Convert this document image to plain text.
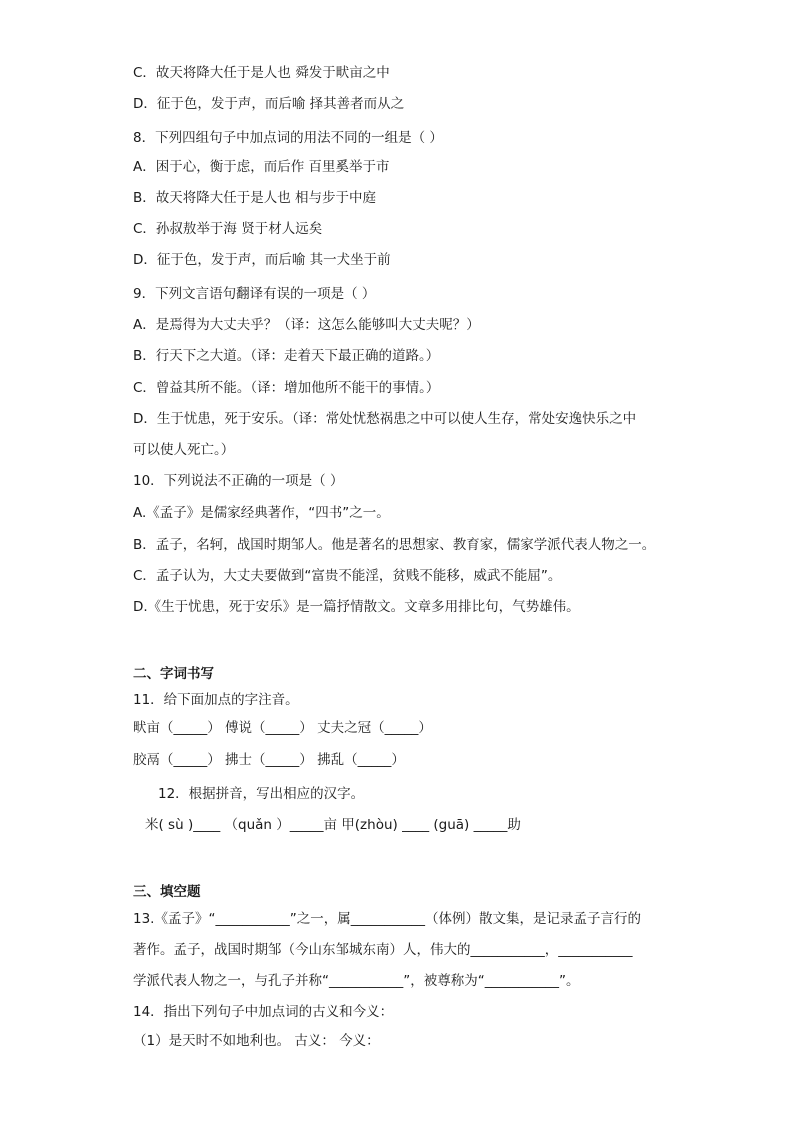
C．故天将降大任于是人也 舜发于畎亩之中
D．征于色，发于声，而后喻 择其善者而从之
8．下列四组句子中加点词的用法不同的一组是（ ）
A．困于心，衡于虑，而后作 百里奚举于市
B．故天将降大任于是人也 相与步于中庭
C．孙叔敖举于海 贤于材人远矣
D．征于色，发于声，而后喻 其一犬坐于前
9．下列文言语句翻译有误的一项是（ ）
A．是焉得为大丈夫乎？（译：这怎么能够叫大丈夫呢？）
B．行天下之大道。（译：走着天下最正确的道路。）
C．曾益其所不能。（译：增加他所不能干的事情。）
D．生于忧患，死于安乐。（译：常处忧愁祸患之中可以使人生存，常处安逸快乐之中
可以使人死亡。）
10．下列说法不正确的一项是（ ）
A.《孟子》是儒家经典著作，“四书”之一。
B．孟子，名轲，战国时期邹人。他是著名的思想家、教育家，儒家学派代表人物之一。
C．孟子认为，大丈夫要做到“富贵不能淫，贫贱不能移，威武不能屈”。
D.《生于忧患，死于安乐》是一篇抒情散文。文章多用排比句，气势雄伟。
二、字词书写
11．给下面加点的字注音。
畎亩（_____） 傅说（_____） 丈夫之冠（_____）
胶鬲（_____） 拂士（_____） 拂乱（_____）
12．根据拼音，写出相应的汉字。
米( sù )____ （quǎn ）_____亩 甲(zhòu) ____ (guā) _____助
三、填空题
13.《孟子》“___________”之一，属___________（体例）散文集，是记录孟子言行的
著作。孟子，战国时期邹（今山东邹城东南）人，伟大的___________，___________
学派代表人物之一，与孔子并称“___________”，被尊称为“___________”。
14．指出下列句子中加点词的古义和今义：
（1）是天时不如地利也。 古义： 今义：
